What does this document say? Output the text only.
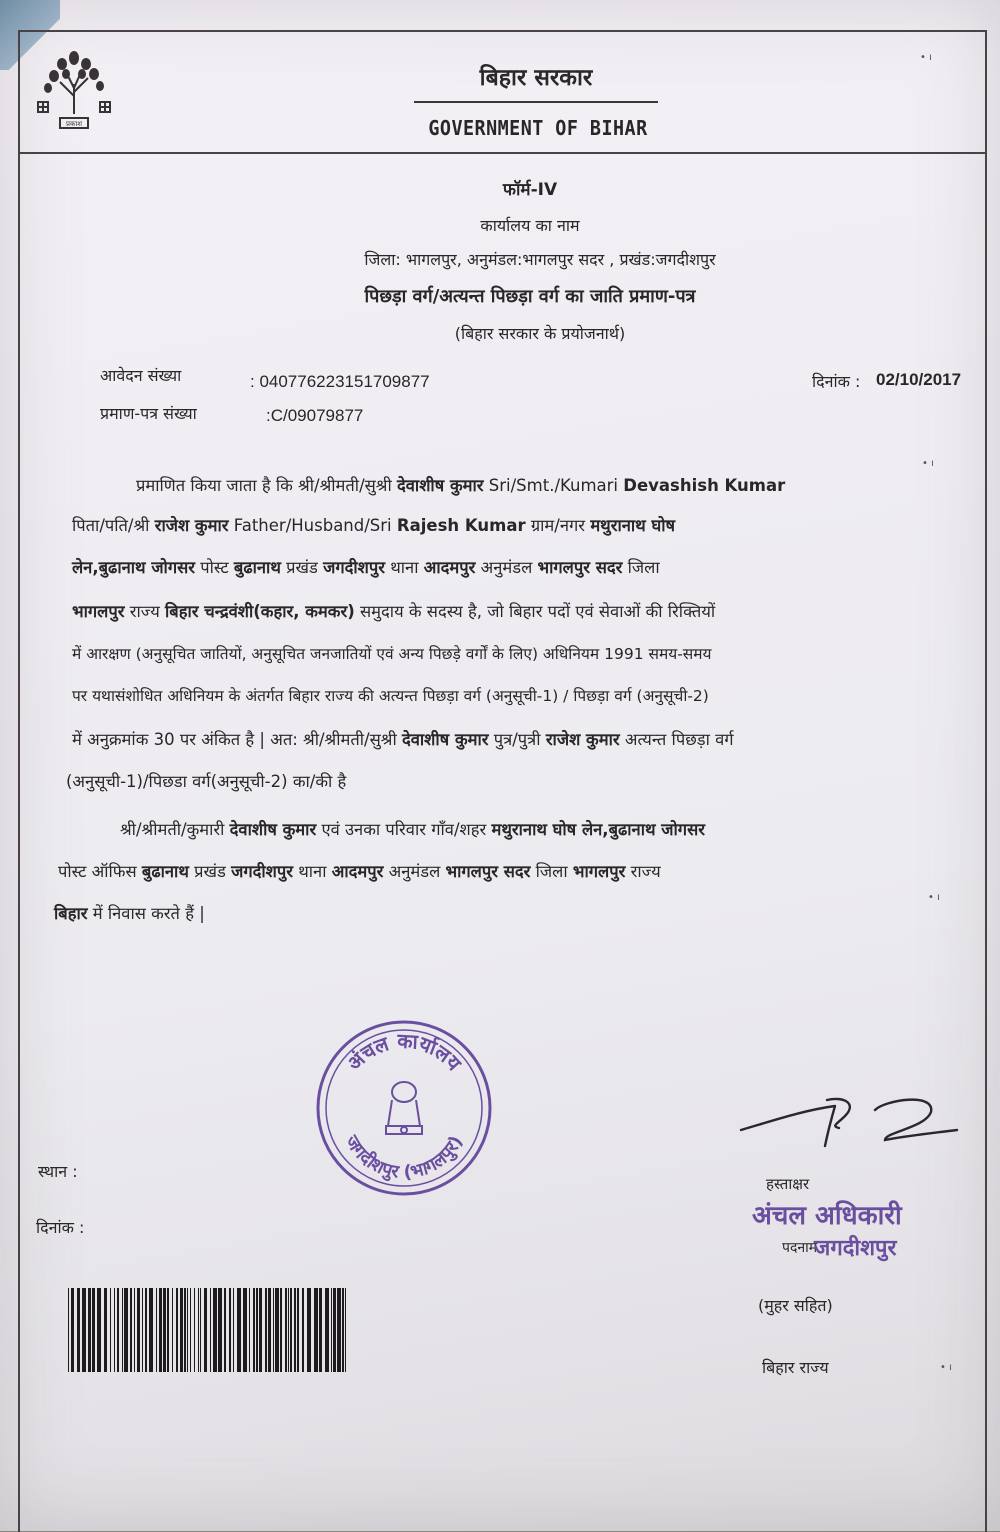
प्रकाश
बिहार सरकार
GOVERNMENT OF BIHAR
फॉर्म-IV
कार्यालय का नाम
जिला: भागलपुर, अनुमंडल:भागलपुर सदर , प्रखंड:जगदीशपुर
पिछड़ा वर्ग/अत्यन्त पिछड़ा वर्ग का जाति प्रमाण-पत्र
(बिहार सरकार के प्रयोजनार्थ)
आवेदन संख्या	: 040776223151709877
प्रमाण-पत्र संख्या	:C/09079877
दिनांक : 02/10/2017
प्रमाणित किया जाता है कि श्री/श्रीमती/सुश्री देवाशीष कुमार Sri/Smt./Kumari Devashish Kumar
पिता/पति/श्री राजेश कुमार Father/Husband/Sri Rajesh Kumar ग्राम/नगर मथुरानाथ घोष
लेन,बुढानाथ जोगसर पोस्ट बुढानाथ प्रखंड जगदीशपुर थाना आदमपुर अनुमंडल भागलपुर सदर जिला
भागलपुर राज्य बिहार चन्द्रवंशी(कहार, कमकर) समुदाय के सदस्य है, जो बिहार पदों एवं सेवाओं की रिक्तियों
में आरक्षण (अनुसूचित जातियों, अनुसूचित जनजातियों एवं अन्य पिछड़े वर्गों के लिए) अधिनियम 1991 समय-समय
पर यथासंशोधित अधिनियम के अंतर्गत बिहार राज्य की अत्यन्त पिछड़ा वर्ग (अनुसूची-1) / पिछड़ा वर्ग (अनुसूची-2)
में अनुक्रमांक 30 पर अंकित है | अत: श्री/श्रीमती/सुश्री देवाशीष कुमार पुत्र/पुत्री राजेश कुमार अत्यन्त पिछड़ा वर्ग
(अनुसूची-1)/पिछडा वर्ग(अनुसूची-2) का/की है
श्री/श्रीमती/कुमारी देवाशीष कुमार एवं उनका परिवार गाँव/शहर मथुरानाथ घोष लेन,बुढानाथ जोगसर
पोस्ट ऑफिस बुढानाथ प्रखंड जगदीशपुर थाना आदमपुर अनुमंडल भागलपुर सदर जिला भागलपुर राज्य
बिहार में निवास करते हैं |
अंचल कार्यालय
जगदीशपुर (भागलपुर)
स्थान :
दिनांक :
हस्ताक्षर
अंचल अधिकारी
पदनाम
जगदीशपुर
(मुहर सहित)
बिहार राज्य
• ı
• ı
• ı
• ı
